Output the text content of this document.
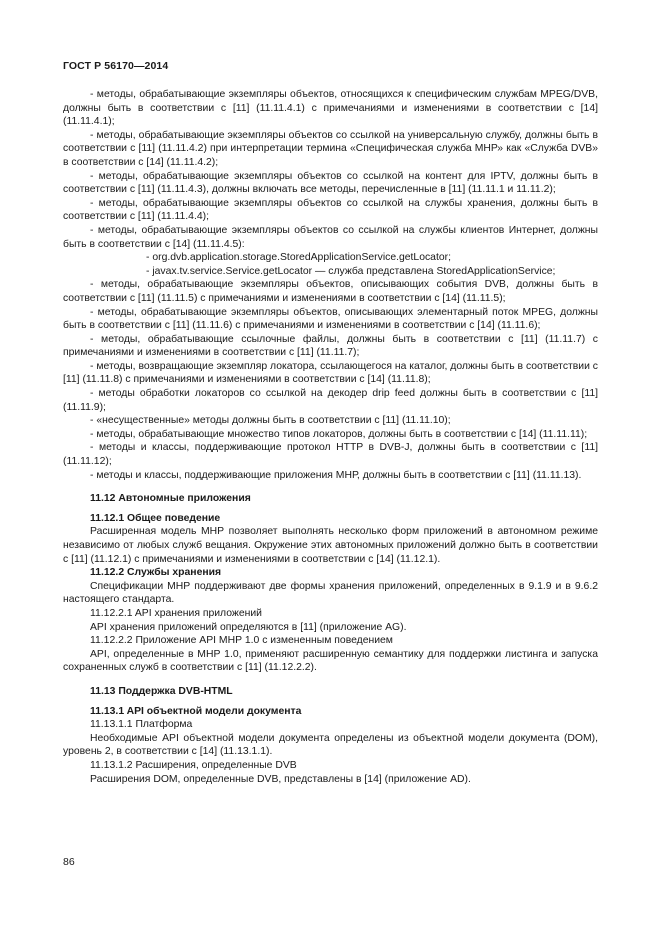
ГОСТ Р 56170—2014

- методы, обрабатывающие экземпляры объектов, относящихся к специфическим службам MPEG/DVB, должны быть в соответствии с [11] (11.11.4.1) с примечаниями и изменениями в соответствии с [14] (11.11.4.1);

- методы, обрабатывающие экземпляры объектов со ссылкой на универсальную службу, должны быть в соответствии с [11] (11.11.4.2) при интерпретации термина «Специфическая служба МНР» как «Служба DVB» в соответствии с [14] (11.11.4.2);

- методы, обрабатывающие экземпляры объектов со ссылкой на контент для IPTV, должны быть в соответствии с [11] (11.11.4.3), должны включать все методы, перечисленные в [11] (11.11.1 и 11.11.2);

- методы, обрабатывающие экземпляры объектов со ссылкой на службы хранения, должны быть в соответствии с [11] (11.11.4.4);

- методы, обрабатывающие экземпляры объектов со ссылкой на службы клиентов Интернет, должны быть в соответствии с [14] (11.11.4.5):

- org.dvb.application.storage.StoredApplicationService.getLocator;

- javax.tv.service.Service.getLocator — служба представлена StoredApplicationService;

- методы, обрабатывающие экземпляры объектов, описывающих события DVB, должны быть в соответствии с [11] (11.11.5) с примечаниями и изменениями в соответствии с [14] (11.11.5);

- методы, обрабатывающие экземпляры объектов, описывающих элементарный поток MPEG, должны быть в соответствии с [11] (11.11.6) с примечаниями и изменениями в соответствии с [14] (11.11.6);

- методы, обрабатывающие ссылочные файлы, должны быть в соответствии с [11] (11.11.7) с примечаниями и изменениями в соответствии с [11] (11.11.7);

- методы, возвращающие экземпляр локатора, ссылающегося на каталог, должны быть в соответствии с [11] (11.11.8) с примечаниями и изменениями в соответствии с [14] (11.11.8);

- методы обработки локаторов со ссылкой на декодер drip feed должны быть в соответствии с [11] (11.11.9);

- «несущественные» методы должны быть в соответствии с [11] (11.11.10);

- методы, обрабатывающие множество типов локаторов, должны быть в соответствии с [14] (11.11.11);

- методы и классы, поддерживающие протокол HTTP в DVB-J, должны быть в соответствии с [11] (11.11.12);

- методы и классы, поддерживающие приложения МНР, должны быть в соответствии с [11] (11.11.13).

11.12 Автономные приложения

11.12.1 Общее поведение

Расширенная модель МНР позволяет выполнять несколько форм приложений в автономном режиме независимо от любых служб вещания. Окружение этих автономных приложений должно быть в соответствии с [11] (11.12.1) с примечаниями и изменениями в соответствии с [14] (11.12.1).

11.12.2 Службы хранения

Спецификации МНР поддерживают две формы хранения приложений, определенных в 9.1.9 и в 9.6.2 настоящего стандарта.

11.12.2.1 API хранения приложений

API хранения приложений определяются в [11] (приложение AG).

11.12.2.2 Приложение API МНР 1.0 с измененным поведением

API, определенные в МНР 1.0, применяют расширенную семантику для поддержки листинга и запуска сохраненных служб в соответствии с [11] (11.12.2.2).

11.13 Поддержка DVB-HTML

11.13.1 API объектной модели документа

11.13.1.1 Платформа

Необходимые API объектной модели документа определены из объектной модели документа (DOM), уровень 2, в соответствии с [14] (11.13.1.1).

11.13.1.2 Расширения, определенные DVB

Расширения DOM, определенные DVB, представлены в [14] (приложение AD).

86
